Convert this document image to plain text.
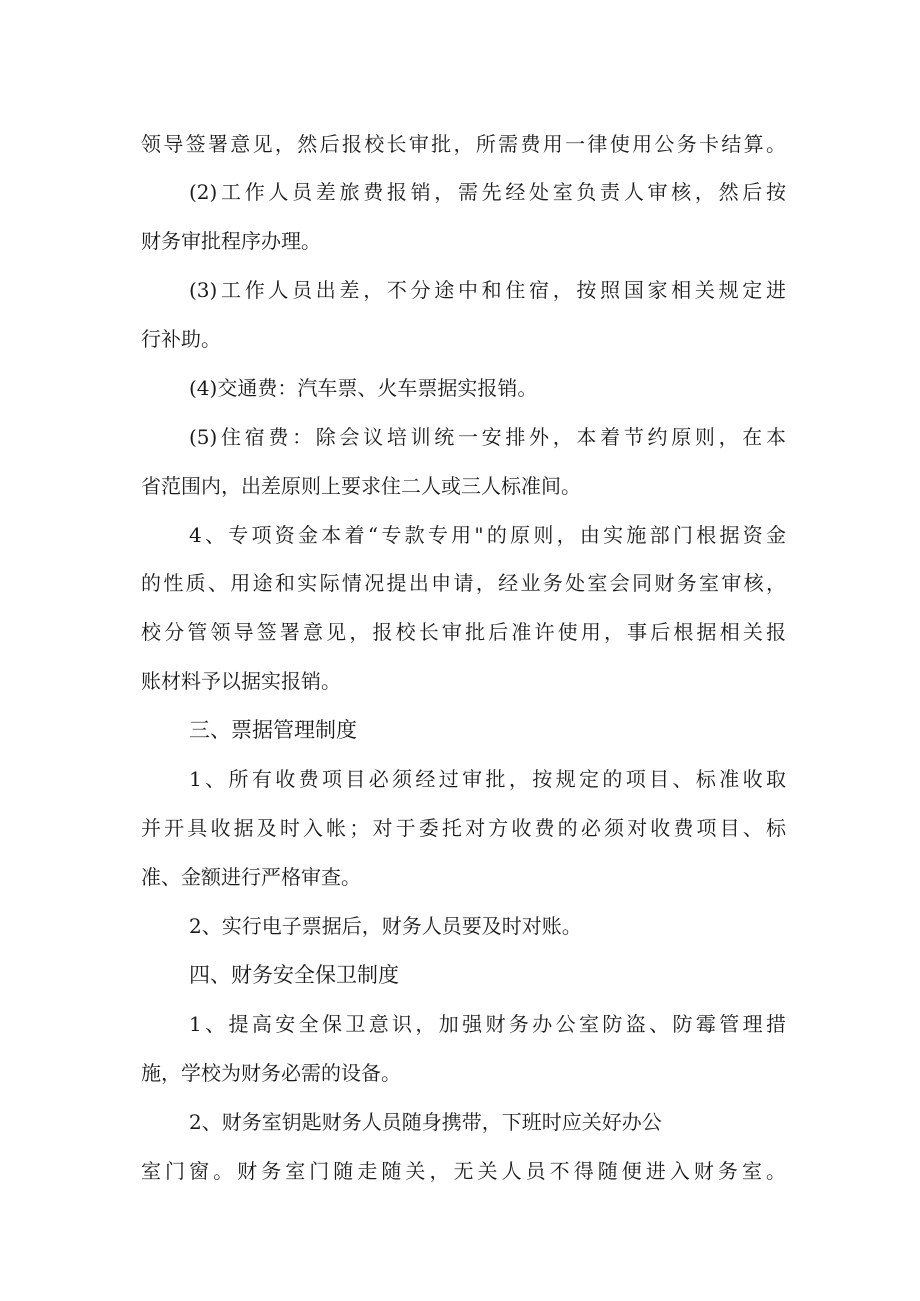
领导签署意见，然后报校长审批，所需费用一律使用公务卡结算。
(2)工作人员差旅费报销，需先经处室负责人审核，然后按
财务审批程序办理。
(3)工作人员出差，不分途中和住宿，按照国家相关规定进
行补助。
(4)交通费：汽车票、火车票据实报销。
(5)住宿费：除会议培训统一安排外，本着节约原则，在本
省范围内，出差原则上要求住二人或三人标准间。
4、专项资金本着“专款专用"的原则，由实施部门根据资金
的性质、用途和实际情况提出申请，经业务处室会同财务室审核，
校分管领导签署意见，报校长审批后准许使用，事后根据相关报
账材料予以据实报销。
三、票据管理制度
1、所有收费项目必须经过审批，按规定的项目、标准收取
并开具收据及时入帐；对于委托对方收费的必须对收费项目、标
准、金额进行严格审查。
2、实行电子票据后，财务人员要及时对账。
四、财务安全保卫制度
1、提高安全保卫意识，加强财务办公室防盗、防霉管理措
施，学校为财务必需的设备。
2、财务室钥匙财务人员随身携带，下班时应关好办公
室门窗。财务室门随走随关，无关人员不得随便进入财务室。
